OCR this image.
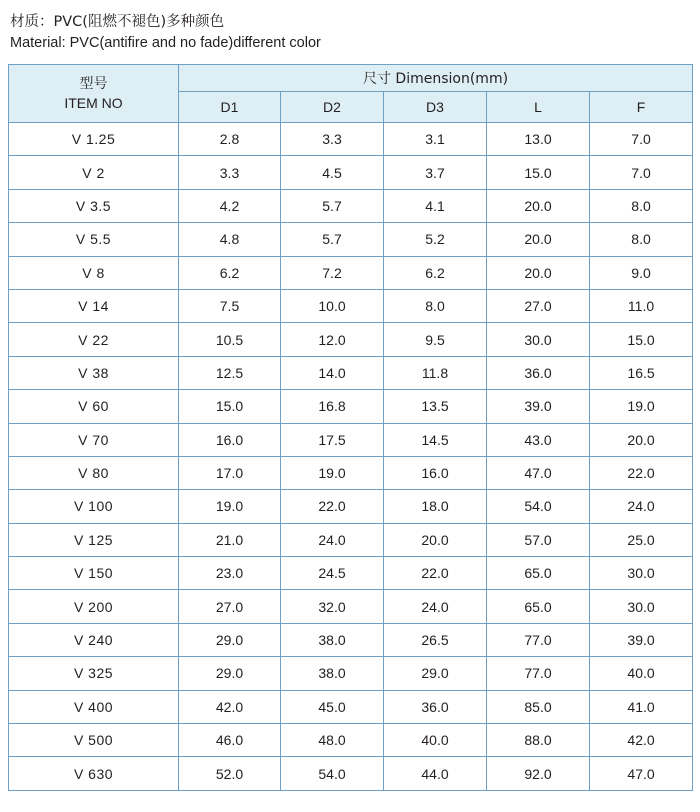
材质：PVC(阻燃不褪色)多种颜色
Material: PVC(antifire and no fade)different color
型号
ITEM NO	尺寸 Dimension(mm)				
	D1	D2	D3	L	F
V 1.25	2.8	3.3	3.1	13.0	7.0
V 2	3.3	4.5	3.7	15.0	7.0
V 3.5	4.2	5.7	4.1	20.0	8.0
V 5.5	4.8	5.7	5.2	20.0	8.0
V 8	6.2	7.2	6.2	20.0	9.0
V 14	7.5	10.0	8.0	27.0	11.0
V 22	10.5	12.0	9.5	30.0	15.0
V 38	12.5	14.0	11.8	36.0	16.5
V 60	15.0	16.8	13.5	39.0	19.0
V 70	16.0	17.5	14.5	43.0	20.0
V 80	17.0	19.0	16.0	47.0	22.0
V 100	19.0	22.0	18.0	54.0	24.0
V 125	21.0	24.0	20.0	57.0	25.0
V 150	23.0	24.5	22.0	65.0	30.0
V 200	27.0	32.0	24.0	65.0	30.0
V 240	29.0	38.0	26.5	77.0	39.0
V 325	29.0	38.0	29.0	77.0	40.0
V 400	42.0	45.0	36.0	85.0	41.0
V 500	46.0	48.0	40.0	88.0	42.0
V 630	52.0	54.0	44.0	92.0	47.0
